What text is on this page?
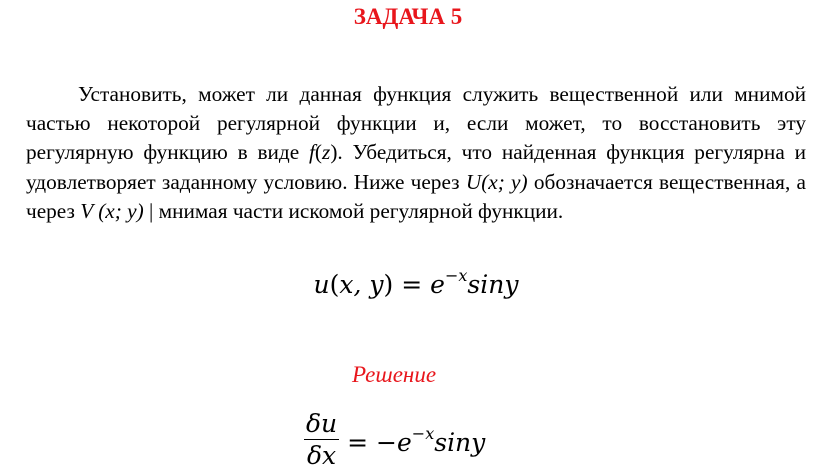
ЗАДАЧА 5
Установить, может ли данная функция служить вещественной или мнимой частью некоторой регулярной функции и, если может, то восстановить эту регулярную функцию в виде f(z). Убедиться, что найденная функция регулярна и удовлетворяет заданному условию. Ниже через U(x; y) обозначается вещественная, а через V (x; y) | мнимая части искомой регулярной функции.
u(x, $y) = e^{-x}\sin y$
Решение
$\frac{\delta u}{\delta x} = -e^{-x}\sin y$
